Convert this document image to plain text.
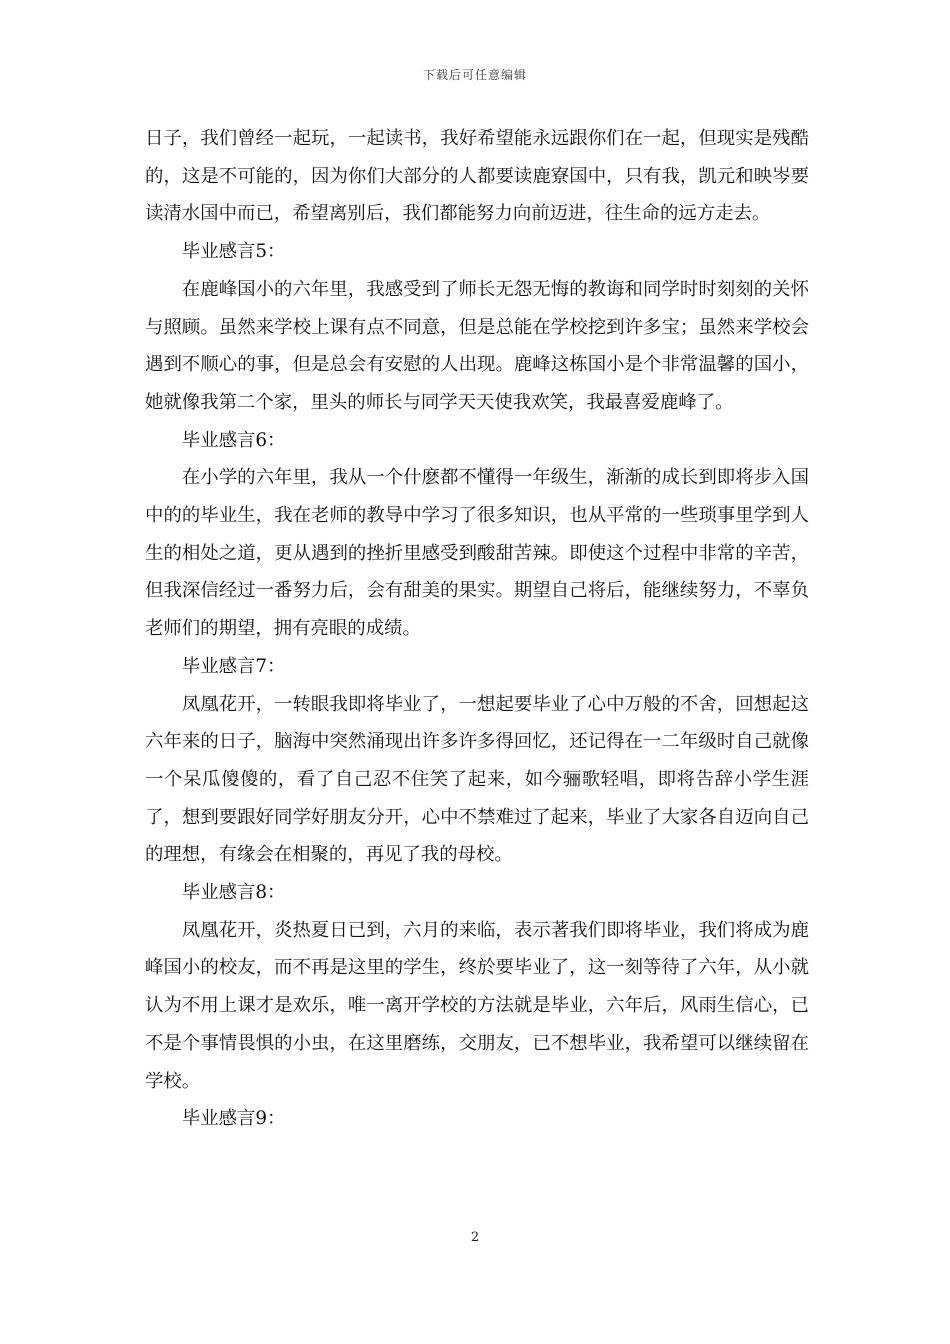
下载后可任意编辑

日子，我们曾经一起玩，一起读书，我好希望能永远跟你们在一起，但现实是残酷的，这是不可能的，因为你们大部分的人都要读鹿寮国中，只有我，凯元和映岑要读清水国中而已，希望离别后，我们都能努力向前迈进，往生命的远方走去。

毕业感言5：

在鹿峰国小的六年里，我感受到了师长无怨无悔的教诲和同学时时刻刻的关怀与照顾。虽然来学校上课有点不同意，但是总能在学校挖到许多宝；虽然来学校会遇到不顺心的事，但是总会有安慰的人出现。鹿峰这栋国小是个非常温馨的国小，她就像我第二个家，里头的师长与同学天天使我欢笑，我最喜爱鹿峰了。

毕业感言6：

在小学的六年里，我从一个什麽都不懂得一年级生，渐渐的成长到即将步入国中的的毕业生，我在老师的教导中学习了很多知识，也从平常的一些琐事里学到人生的相处之道，更从遇到的挫折里感受到酸甜苦辣。即使这个过程中非常的辛苦，但我深信经过一番努力后，会有甜美的果实。期望自己将后，能继续努力，不辜负老师们的期望，拥有亮眼的成绩。

毕业感言7：

凤凰花开，一转眼我即将毕业了，一想起要毕业了心中万般的不舍，回想起这六年来的日子，脑海中突然涌现出许多许多得回忆，还记得在一二年级时自己就像一个呆瓜傻傻的，看了自己忍不住笑了起来，如今骊歌轻唱，即将告辞小学生涯了，想到要跟好同学好朋友分开，心中不禁难过了起来，毕业了大家各自迈向自己的理想，有缘会在相聚的，再见了我的母校。

毕业感言8：

凤凰花开，炎热夏日已到，六月的来临，表示著我们即将毕业，我们将成为鹿峰国小的校友，而不再是这里的学生，终於要毕业了，这一刻等待了六年，从小就认为不用上课才是欢乐，唯一离开学校的方法就是毕业，六年后，风雨生信心，已不是个事情畏惧的小虫，在这里磨练，交朋友，已不想毕业，我希望可以继续留在学校。

毕业感言9：

2
